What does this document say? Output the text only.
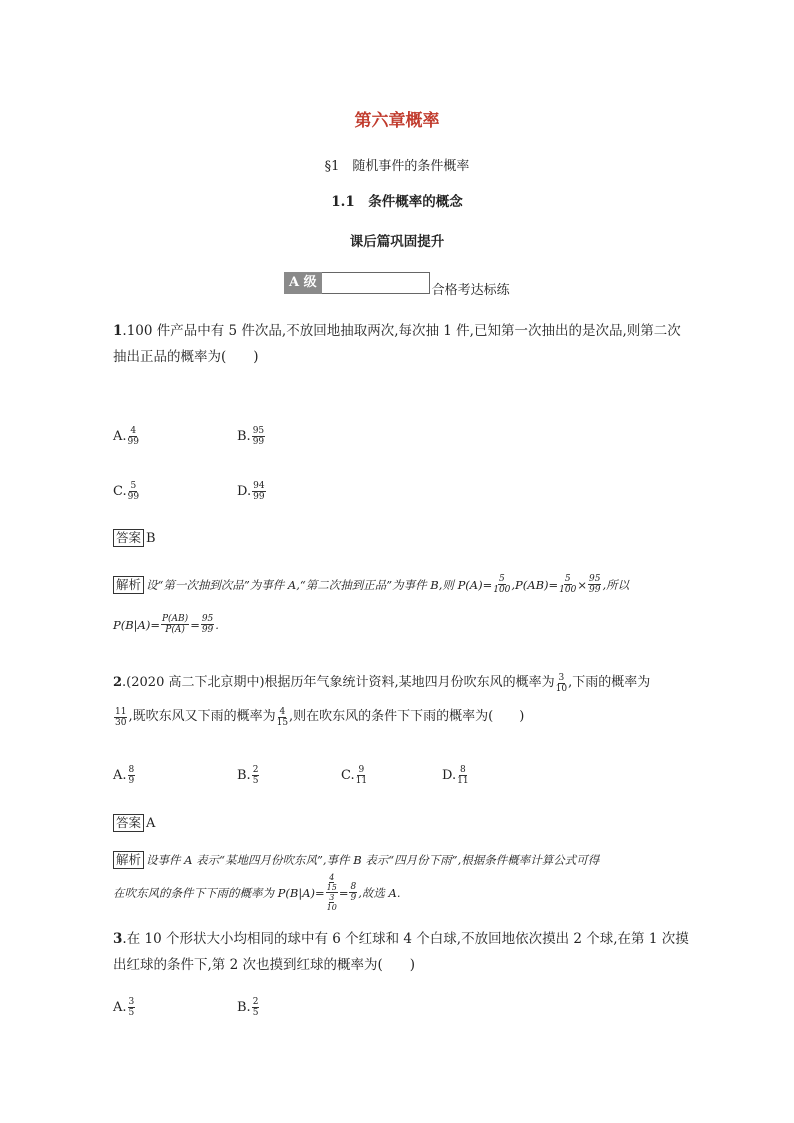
第六章概率
§1　随机事件的条件概率
1.1　条件概率的概念
课后篇巩固提升
A 级
合格考达标练
1.100 件产品中有 5 件次品,不放回地抽取两次,每次抽 1 件,已知第一次抽出的是次品,则第二次
抽出正品的概率为(　　)
A. $\frac{4}{99}$	B. $\frac{95}{99}$
C. $\frac{5}{99}$	D. $\frac{94}{99}$
答案 B
解析 设“第一次抽到次品”为事件 A,“第二次抽到正品”为事件 B,则 $P(A)= \frac{5}{100} ,P(AB)= \frac{5}{100} \times \frac{95}{99}$ ,所以
$P(B|A)= \frac{P(AB)}{P(A)} = \frac{95}{99}$ .
2 .(2020 高二下北京期中)根据历年气象统计资料,某地四月份吹东风的概率为 $\frac{3}{10}$ ,下雨的概率为
$\frac{11}{30}$ ,既吹东风又下雨的概率为 $\frac{4}{15}$ ,则在吹东风的条件下下雨的概率为(　　)
A. $\frac{8}{9}$	B. $\frac{2}{5}$	C. $\frac{9}{11}$	D. $\frac{8}{11}$
答案 A
解析 设事件 A 表示“某地四月份吹东风”,事件 B 表示“四月份下雨”,根据条件概率计算公式可得
在吹东风的条件下下雨的概率为 $P(B|A)= \frac{\frac{4}{15}}{\frac{3}{10}} = \frac{8}{9}$ ,故选 A.
3.在 10 个形状大小均相同的球中有 6 个红球和 4 个白球,不放回地依次摸出 2 个球,在第 1 次摸
出红球的条件下,第 2 次也摸到红球的概率为(　　)
A. $\frac{3}{5}$	B. $\frac{2}{5}$
